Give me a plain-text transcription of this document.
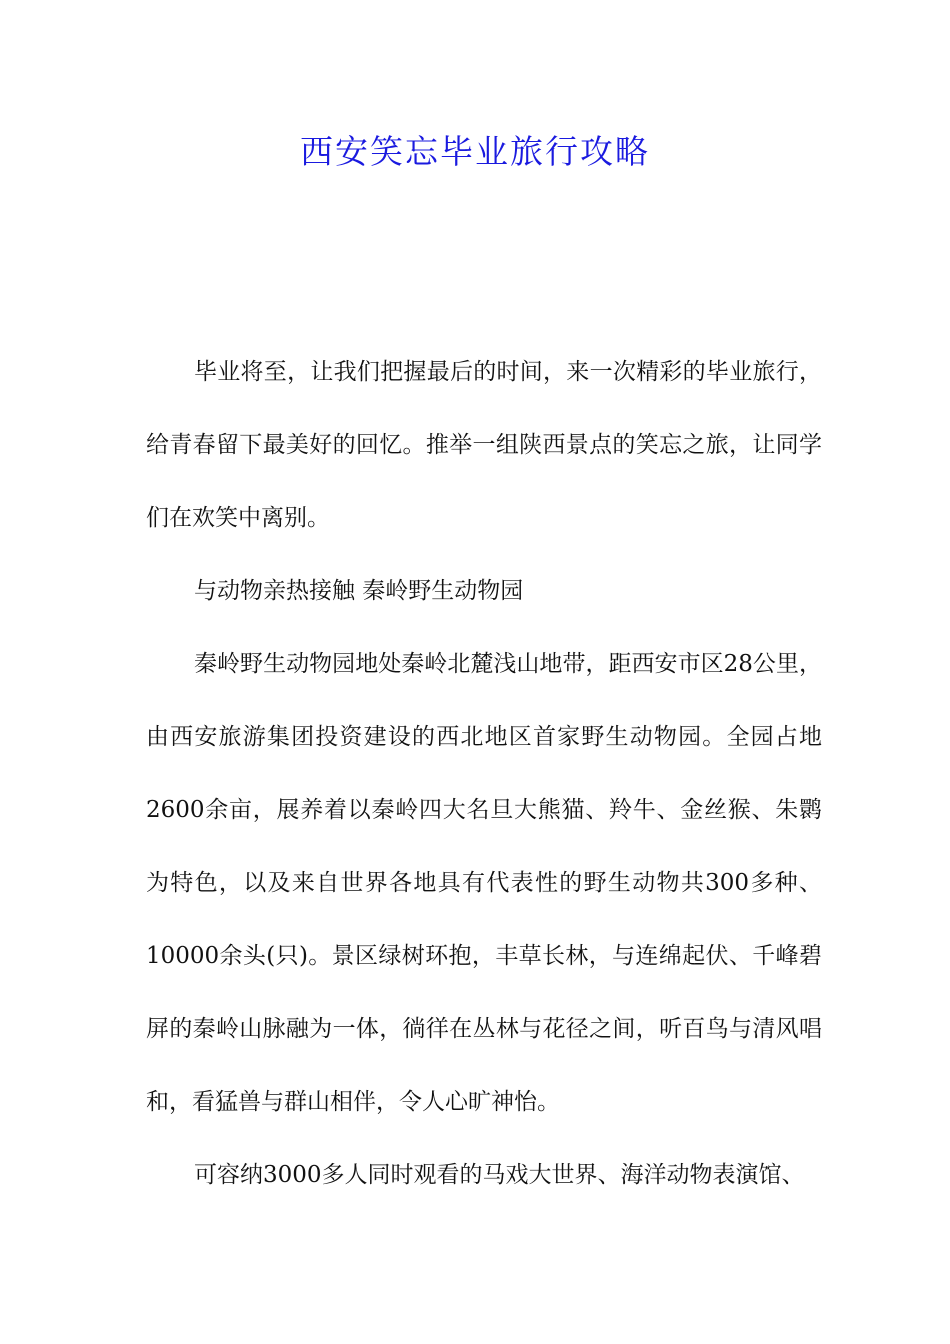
西安笑忘毕业旅行攻略

毕业将至，让我们把握最后的时间，来一次精彩的毕业旅行，给青春留下最美好的回忆。推举一组陕西景点的笑忘之旅，让同学们在欢笑中离别。

与动物亲热接触 秦岭野生动物园

秦岭野生动物园地处秦岭北麓浅山地带，距西安市区28公里，由西安旅游集团投资建设的西北地区首家野生动物园。全园占地2600余亩，展养着以秦岭四大名旦大熊猫、羚牛、金丝猴、朱鹮为特色，以及来自世界各地具有代表性的野生动物共300多种、10000余头(只)。景区绿树环抱，丰草长林，与连绵起伏、千峰碧屏的秦岭山脉融为一体，徜徉在丛林与花径之间，听百鸟与清风唱和，看猛兽与群山相伴，令人心旷神怡。

可容纳3000多人同时观看的马戏大世界、海洋动物表演馆、
